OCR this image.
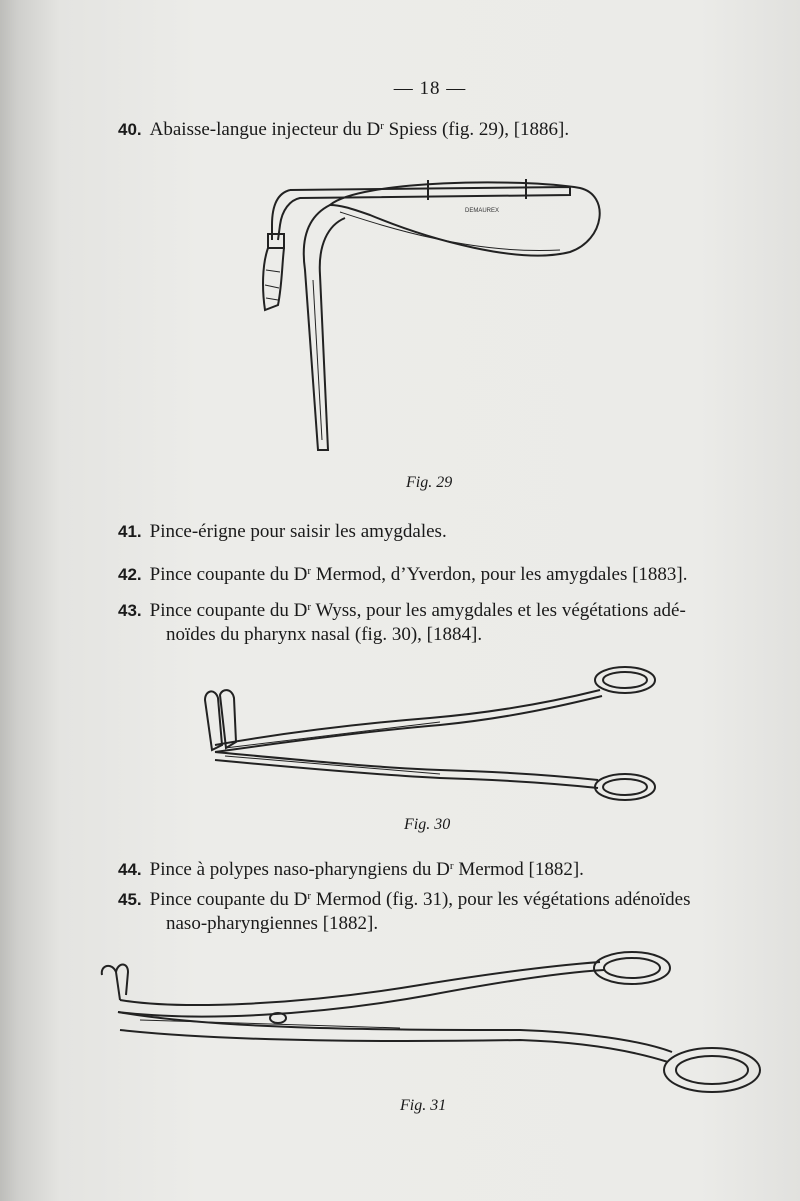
— 18 —
40. Abaisse-langue injecteur du $D^r$ Spiess (fig. 29), [1886].
DEMAUREX
Fig. 29
41. Pince-érigne pour saisir les amygdales.
42. Pince coupante du $D^r$ Mermod, d’Yverdon, pour les amygdales [1883].
43. Pince coupante du $D^r$ Wyss, pour les amygdales et les végétations adé-
noïdes du pharynx nasal (fig. 30), [1884].
Fig. 30
44. Pince à polypes naso-pharyngiens du $D^r$ Mermod [1882].
45. Pince coupante du $D^r$ Mermod (fig. 31), pour les végétations adénoïdes
naso-pharyngiennes [1882].
Fig. 31
